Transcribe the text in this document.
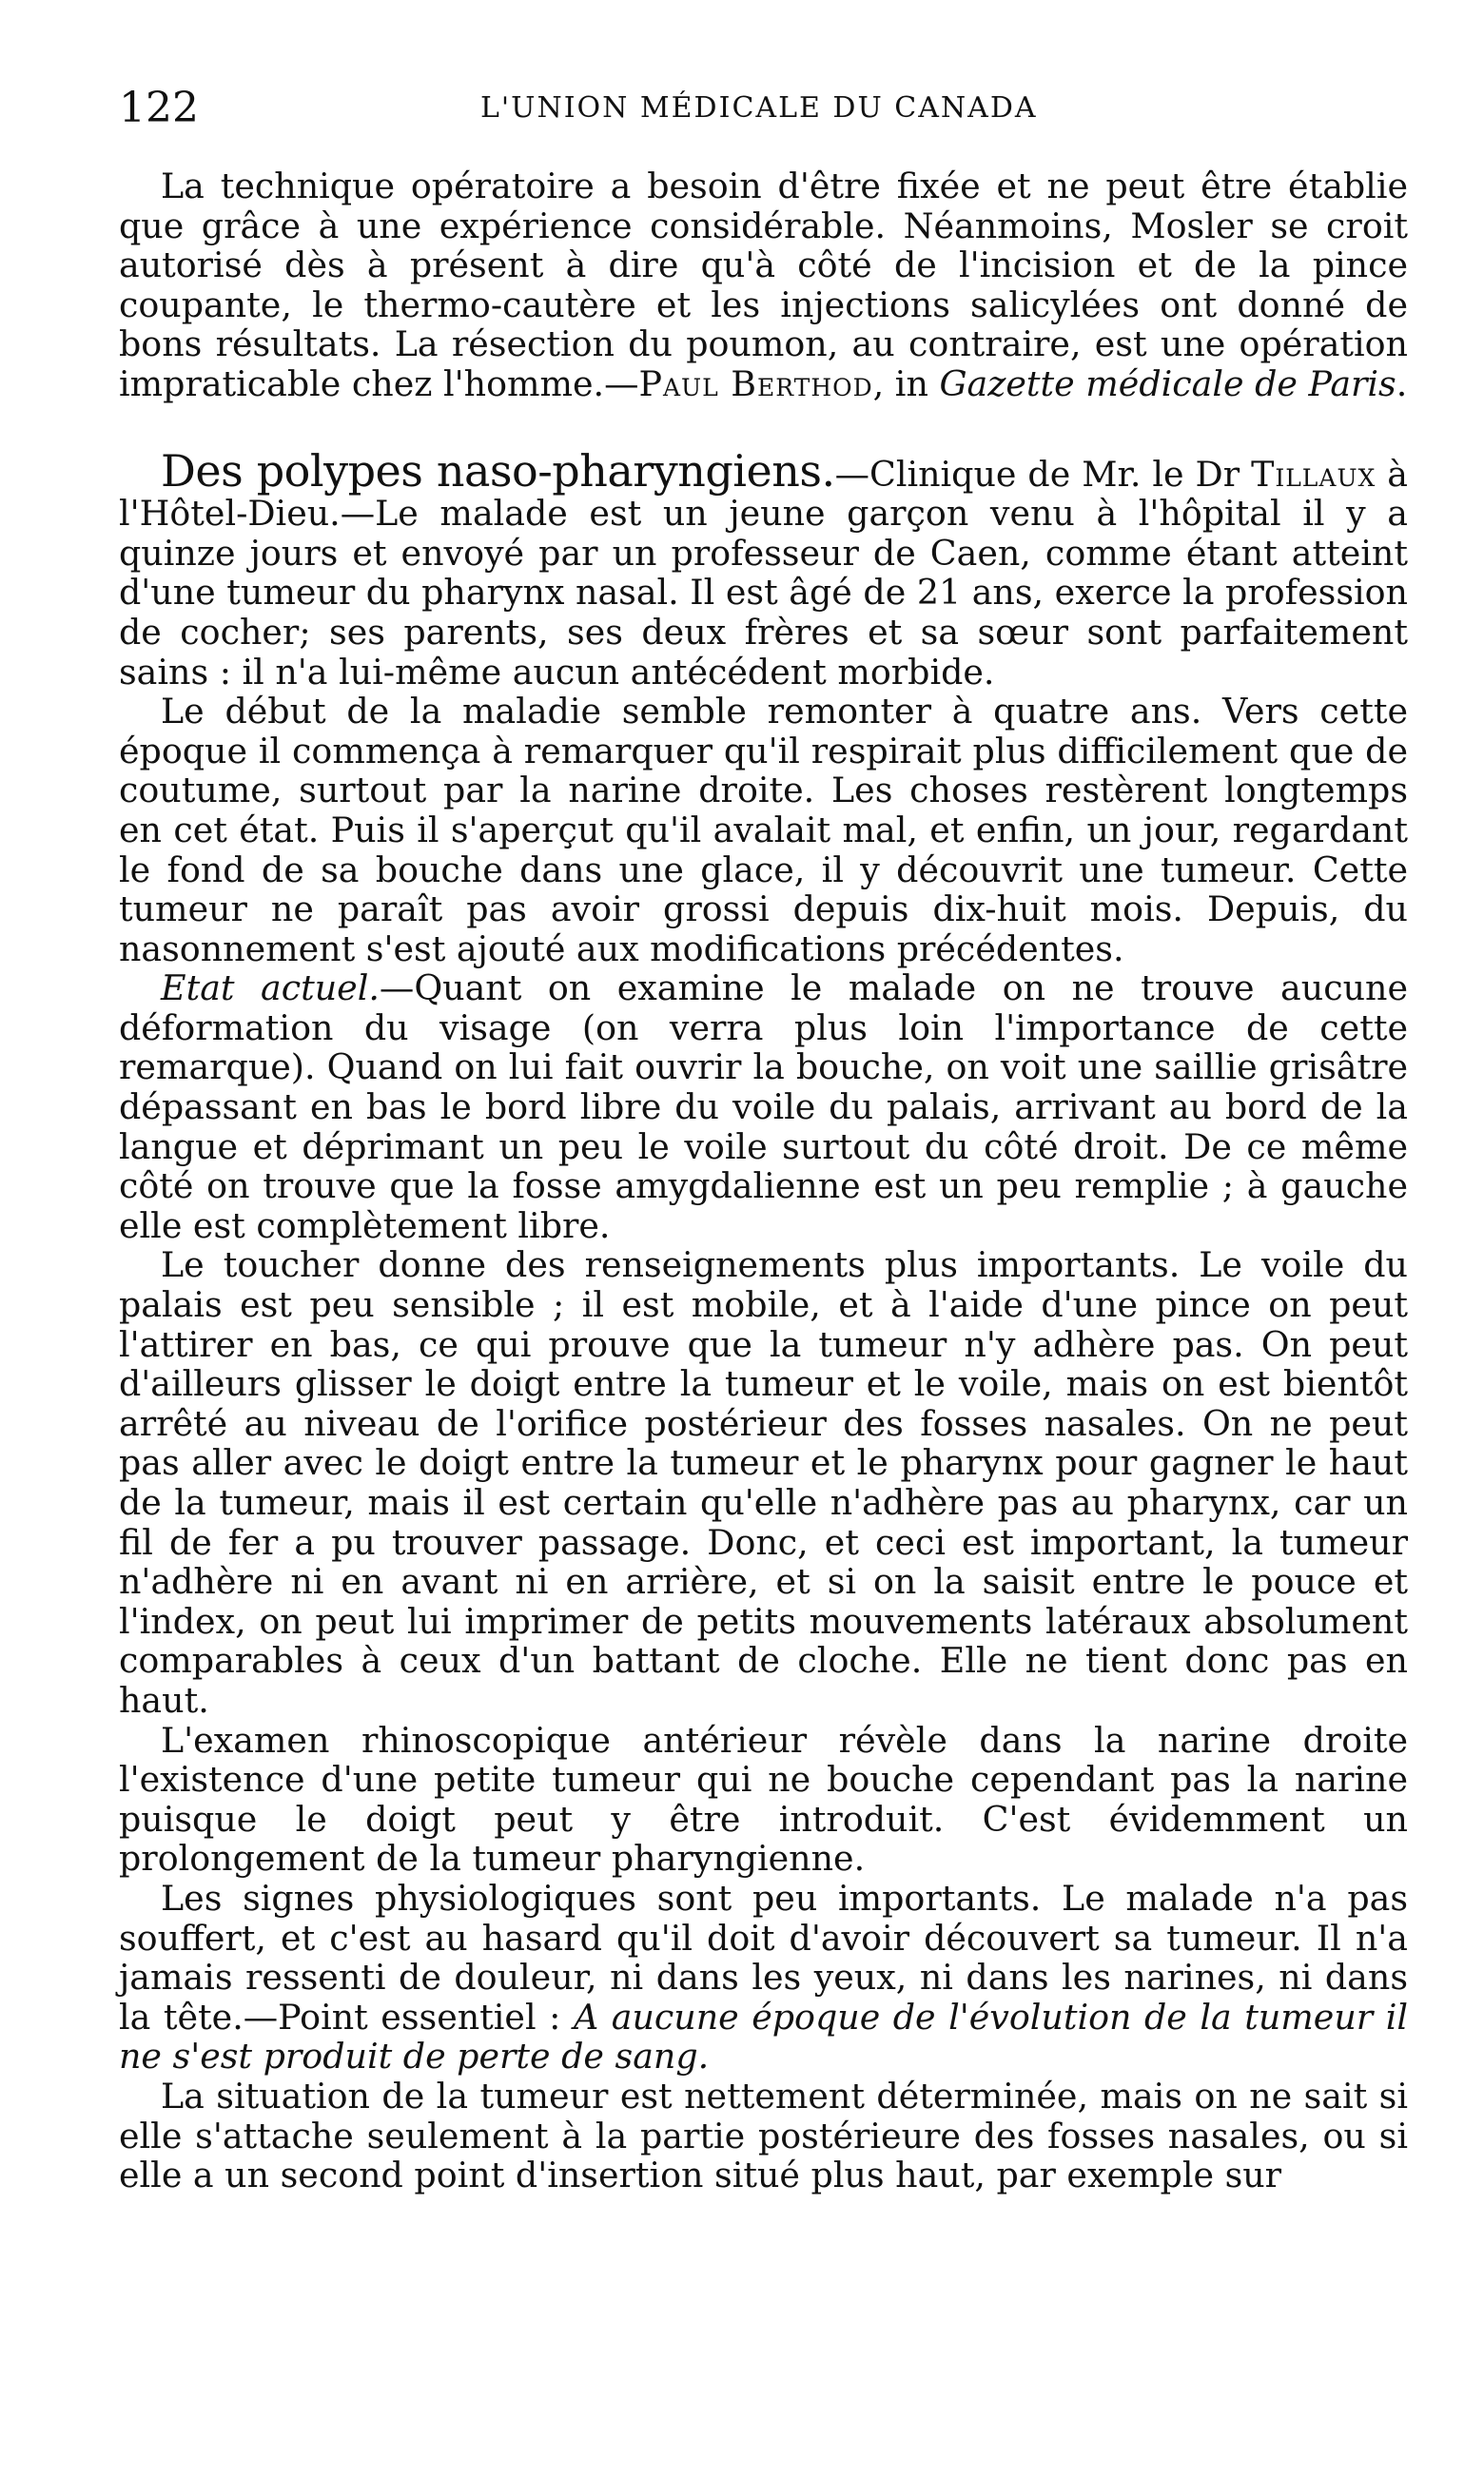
122	L'UNION MÉDICALE DU CANADA

La technique opératoire a besoin d'être fixée et ne peut être établie que grâce à une expérience considérable. Néanmoins, Mosler se croit autorisé dès à présent à dire qu'à côté de l'incision et de la pince coupante, le thermo-cautère et les injections salicylées ont donné de bons résultats. La résection du poumon, au contraire, est une opération impraticable chez l'homme.—Paul Berthod, in Gazette médicale de Paris.

Des polypes naso-pharyngiens.—Clinique de Mr. le Dr Tillaux à l'Hôtel-Dieu.—Le malade est un jeune garçon venu à l'hôpital il y a quinze jours et envoyé par un professeur de Caen, comme étant atteint d'une tumeur du pharynx nasal. Il est âgé de 21 ans, exerce la profession de cocher; ses parents, ses deux frères et sa sœur sont parfaitement sains : il n'a lui-même aucun antécédent morbide.

Le début de la maladie semble remonter à quatre ans. Vers cette époque il commença à remarquer qu'il respirait plus difficilement que de coutume, surtout par la narine droite. Les choses restèrent longtemps en cet état. Puis il s'aperçut qu'il avalait mal, et enfin, un jour, regardant le fond de sa bouche dans une glace, il y découvrit une tumeur. Cette tumeur ne paraît pas avoir grossi depuis dix-huit mois. Depuis, du nasonnement s'est ajouté aux modifications précédentes.

Etat actuel.—Quant on examine le malade on ne trouve aucune déformation du visage (on verra plus loin l'importance de cette remarque). Quand on lui fait ouvrir la bouche, on voit une saillie grisâtre dépassant en bas le bord libre du voile du palais, arrivant au bord de la langue et déprimant un peu le voile surtout du côté droit. De ce même côté on trouve que la fosse amygdalienne est un peu remplie ; à gauche elle est complètement libre.

Le toucher donne des renseignements plus importants. Le voile du palais est peu sensible ; il est mobile, et à l'aide d'une pince on peut l'attirer en bas, ce qui prouve que la tumeur n'y adhère pas. On peut d'ailleurs glisser le doigt entre la tumeur et le voile, mais on est bientôt arrêté au niveau de l'orifice postérieur des fosses nasales. On ne peut pas aller avec le doigt entre la tumeur et le pharynx pour gagner le haut de la tumeur, mais il est certain qu'elle n'adhère pas au pharynx, car un fil de fer a pu trouver passage. Donc, et ceci est important, la tumeur n'adhère ni en avant ni en arrière, et si on la saisit entre le pouce et l'index, on peut lui imprimer de petits mouvements latéraux absolument comparables à ceux d'un battant de cloche. Elle ne tient donc pas en haut.

L'examen rhinoscopique antérieur révèle dans la narine droite l'existence d'une petite tumeur qui ne bouche cependant pas la narine puisque le doigt peut y être introduit. C'est évidemment un prolongement de la tumeur pharyngienne.

Les signes physiologiques sont peu importants. Le malade n'a pas souffert, et c'est au hasard qu'il doit d'avoir découvert sa tumeur. Il n'a jamais ressenti de douleur, ni dans les yeux, ni dans les narines, ni dans la tête.—Point essentiel : A aucune époque de l'évolution de la tumeur il ne s'est produit de perte de sang.

La situation de la tumeur est nettement déterminée, mais on ne sait si elle s'attache seulement à la partie postérieure des fosses nasales, ou si elle a un second point d'insertion situé plus haut, par exemple sur
